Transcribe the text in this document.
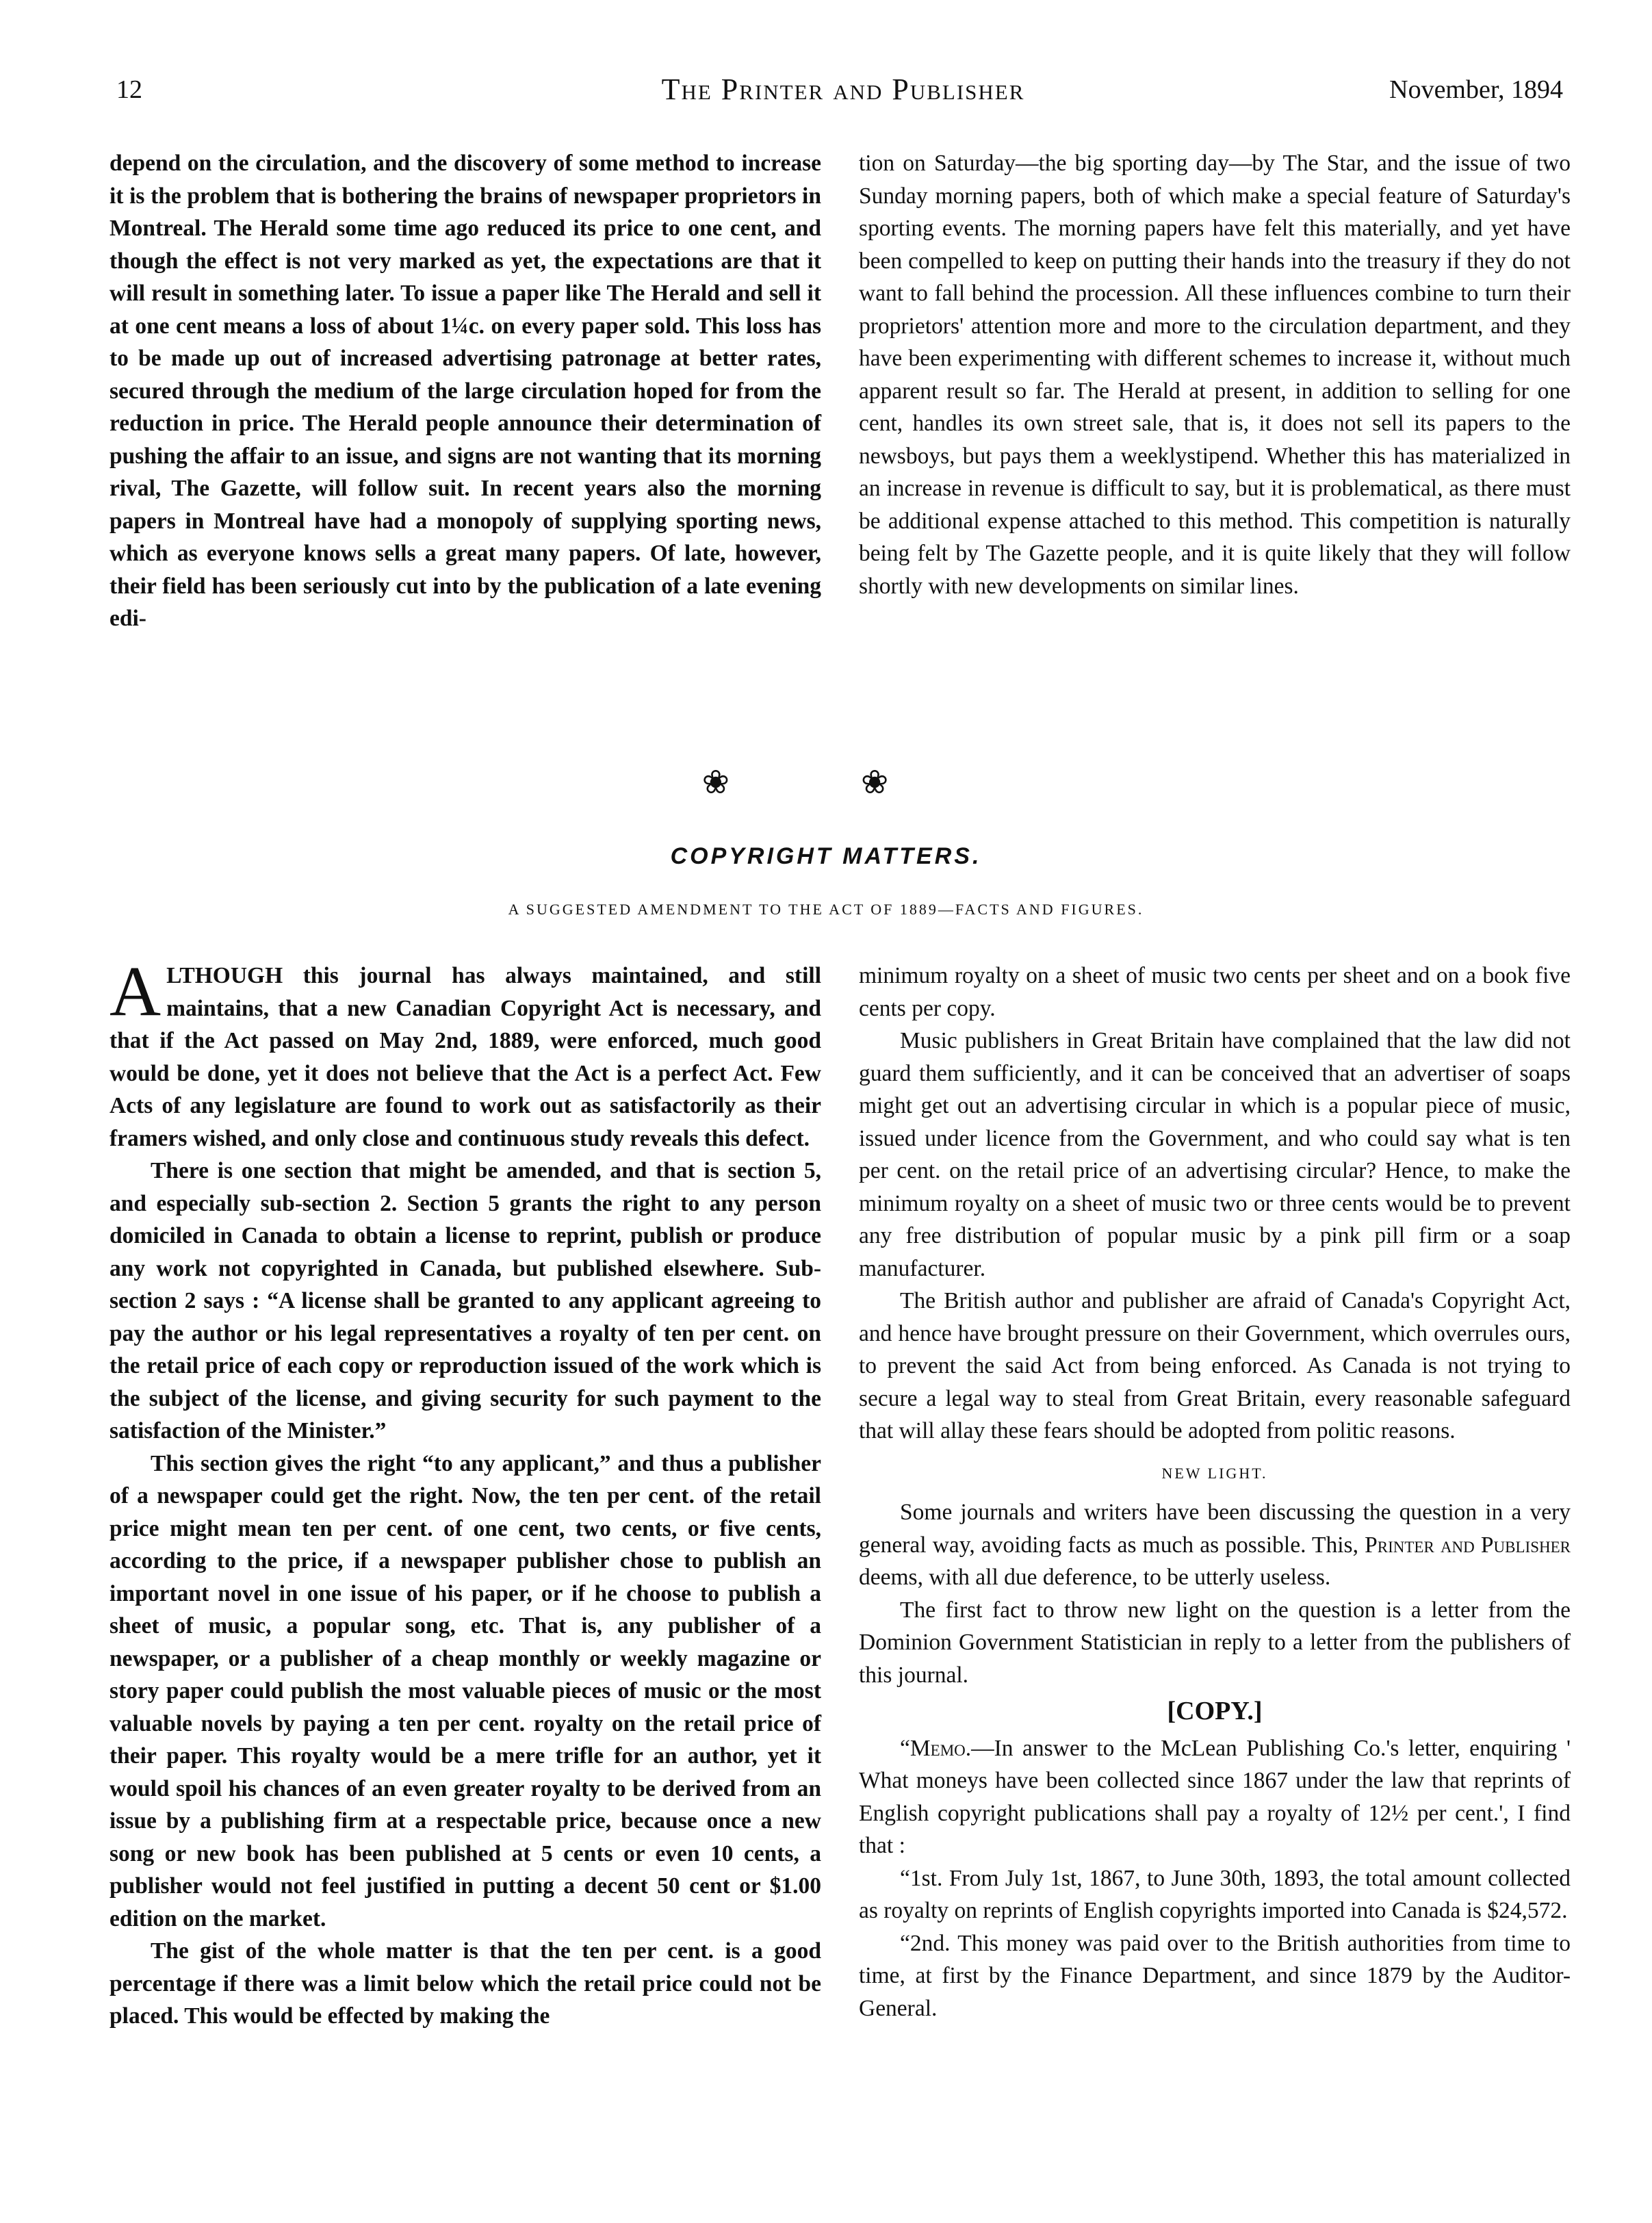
12	The Printer and Publisher	November, 1894

depend on the circulation, and the discovery of some method to increase it is the problem that is bothering the brains of newspaper proprietors in Montreal. The Herald some time ago reduced its price to one cent, and though the effect is not very marked as yet, the expectations are that it will result in something later. To issue a paper like The Herald and sell it at one cent means a loss of about 1¼c. on every paper sold. This loss has to be made up out of increased advertising patronage at better rates, secured through the medium of the large circulation hoped for from the reduction in price. The Herald people announce their determination of pushing the affair to an issue, and signs are not wanting that its morning rival, The Gazette, will follow suit. In recent years also the morning papers in Montreal have had a monopoly of supplying sporting news, which as everyone knows sells a great many papers. Of late, however, their field has been seriously cut into by the publication of a late evening edi-

tion on Saturday—the big sporting day—by The Star, and the issue of two Sunday morning papers, both of which make a special feature of Saturday's sporting events. The morning papers have felt this materially, and yet have been compelled to keep on putting their hands into the treasury if they do not want to fall behind the procession. All these influences combine to turn their proprietors' attention more and more to the circulation department, and they have been experimenting with different schemes to increase it, without much apparent result so far. The Herald at present, in addition to selling for one cent, handles its own street sale, that is, it does not sell its papers to the newsboys, but pays them a weeklystipend. Whether this has materialized in an increase in revenue is difficult to say, but it is problematical, as there must be additional expense attached to this method. This competition is naturally being felt by The Gazette people, and it is quite likely that they will follow shortly with new developments on similar lines.

❀ ❀
COPYRIGHT MATTERS.
A SUGGESTED AMENDMENT TO THE ACT OF 1889—FACTS AND FIGURES.

ALTHOUGH this journal has always maintained, and still maintains, that a new Canadian Copyright Act is necessary, and that if the Act passed on May 2nd, 1889, were enforced, much good would be done, yet it does not believe that the Act is a perfect Act. Few Acts of any legislature are found to work out as satisfactorily as their framers wished, and only close and continuous study reveals this defect.

There is one section that might be amended, and that is section 5, and especially sub-section 2. Section 5 grants the right to any person domiciled in Canada to obtain a license to reprint, publish or produce any work not copyrighted in Canada, but published elsewhere. Sub-section 2 says : “A license shall be granted to any applicant agreeing to pay the author or his legal representatives a royalty of ten per cent. on the retail price of each copy or reproduction issued of the work which is the subject of the license, and giving security for such payment to the satisfaction of the Minister.”

This section gives the right “to any applicant,” and thus a publisher of a newspaper could get the right. Now, the ten per cent. of the retail price might mean ten per cent. of one cent, two cents, or five cents, according to the price, if a newspaper publisher chose to publish an important novel in one issue of his paper, or if he choose to publish a sheet of music, a popular song, etc. That is, any publisher of a newspaper, or a publisher of a cheap monthly or weekly magazine or story paper could publish the most valuable pieces of music or the most valuable novels by paying a ten per cent. royalty on the retail price of their paper. This royalty would be a mere trifle for an author, yet it would spoil his chances of an even greater royalty to be derived from an issue by a publishing firm at a respectable price, because once a new song or new book has been published at 5 cents or even 10 cents, a publisher would not feel justified in putting a decent 50 cent or $1.00 edition on the market.

The gist of the whole matter is that the ten per cent. is a good percentage if there was a limit below which the retail price could not be placed. This would be effected by making the

minimum royalty on a sheet of music two cents per sheet and on a book five cents per copy.

Music publishers in Great Britain have complained that the law did not guard them sufficiently, and it can be conceived that an advertiser of soaps might get out an advertising circular in which is a popular piece of music, issued under licence from the Government, and who could say what is ten per cent. on the retail price of an advertising circular? Hence, to make the minimum royalty on a sheet of music two or three cents would be to prevent any free distribution of popular music by a pink pill firm or a soap manufacturer.

The British author and publisher are afraid of Canada's Copyright Act, and hence have brought pressure on their Government, which overrules ours, to prevent the said Act from being enforced. As Canada is not trying to secure a legal way to steal from Great Britain, every reasonable safeguard that will allay these fears should be adopted from politic reasons.

NEW LIGHT.

Some journals and writers have been discussing the question in a very general way, avoiding facts as much as possible. This, Printer and Publisher deems, with all due deference, to be utterly useless.

The first fact to throw new light on the question is a letter from the Dominion Government Statistician in reply to a letter from the publishers of this journal.

[COPY.]

“Memo.—In answer to the McLean Publishing Co.'s letter, enquiring ' What moneys have been collected since 1867 under the law that reprints of English copyright publications shall pay a royalty of 12½ per cent.', I find that :

“1st. From July 1st, 1867, to June 30th, 1893, the total amount collected as royalty on reprints of English copyrights imported into Canada is $24,572.

“2nd. This money was paid over to the British authorities from time to time, at first by the Finance Department, and since 1879 by the Auditor-General.
